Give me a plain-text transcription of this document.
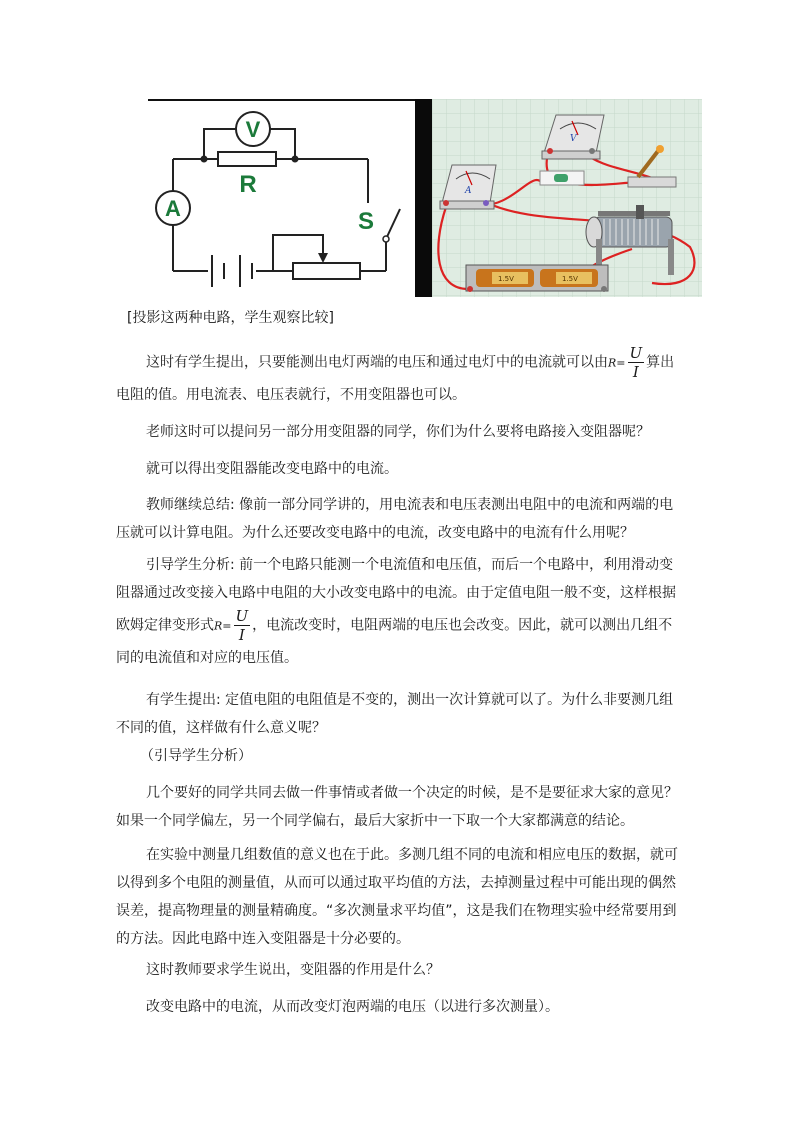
V
A
R
S
V
A
1.5V	1.5V
[投影这两种电路，学生观察比较]

这时有学生提出，只要能测出电灯两端的电压和通过电灯中的电流就可以由$R= \frac{U}{I}$ 算出
电阻的值。用电流表、电压表就行，不用变阻器也可以。

老师这时可以提问另一部分用变阻器的同学，你们为什么要将电路接入变阻器呢？

就可以得出变阻器能改变电路中的电流。

教师继续总结: 像前一部分同学讲的，用电流表和电压表测出电阻中的电流和两端的电
压就可以计算电阻。为什么还要改变电路中的电流，改变电路中的电流有什么用呢？

引导学生分析: 前一个电路只能测一个电流值和电压值，而后一个电路中，利用滑动变
阻器通过改变接入电路中电阻的大小改变电路中的电流。由于定值电阻一般不变，这样根据
欧姆定律变形式$R= \frac{U}{I}$ ，电流改变时，电阻两端的电压也会改变。因此，就可以测出几组不
同的电流值和对应的电压值。

有学生提出: 定值电阻的电阻值是不变的，测出一次计算就可以了。为什么非要测几组
不同的值，这样做有什么意义呢？

（引导学生分析）

几个要好的同学共同去做一件事情或者做一个决定的时候，是不是要征求大家的意见？
如果一个同学偏左，另一个同学偏右，最后大家折中一下取一个大家都满意的结论。

在实验中测量几组数值的意义也在于此。多测几组不同的电流和相应电压的数据，就可
以得到多个电阻的测量值，从而可以通过取平均值的方法，去掉测量过程中可能出现的偶然
误差，提高物理量的测量精确度。“多次测量求平均值”，这是我们在物理实验中经常要用到
的方法。因此电路中连入变阻器是十分必要的。

这时教师要求学生说出，变阻器的作用是什么？

改变电路中的电流，从而改变灯泡两端的电压（以进行多次测量）。
